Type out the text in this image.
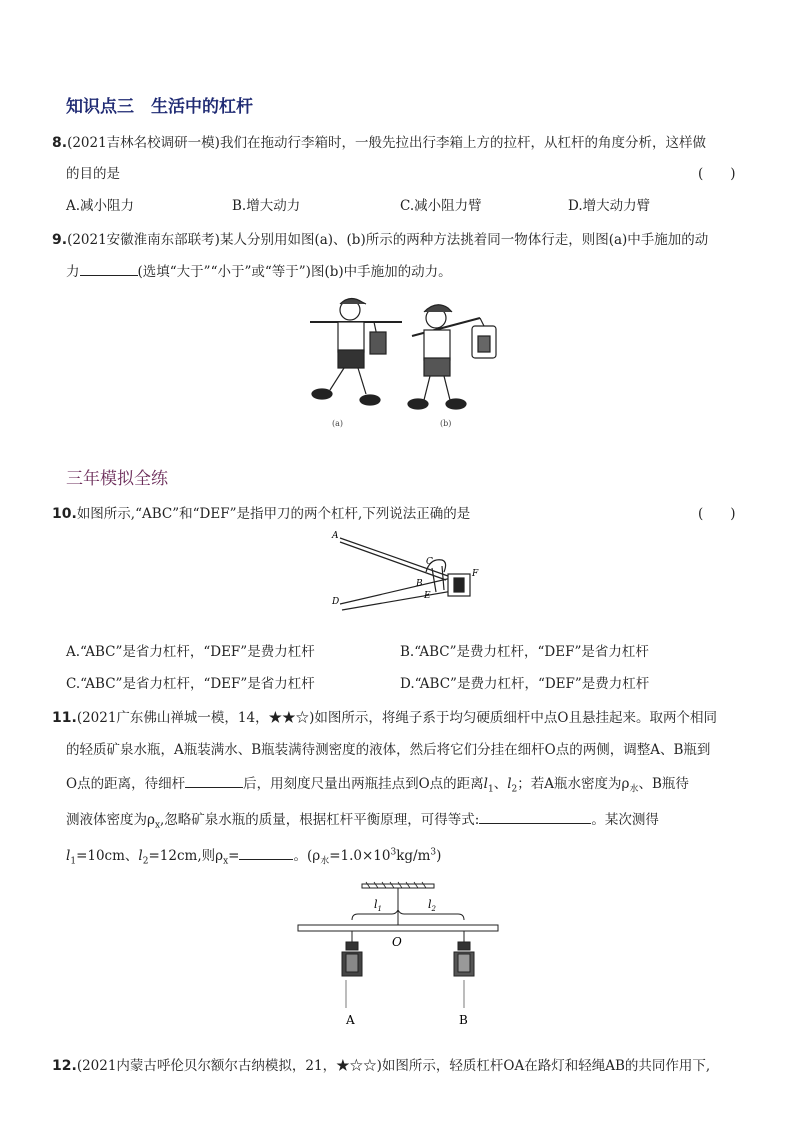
知识点三　生活中的杠杆
8.(2021吉林名校调研一模)我们在拖动行李箱时，一般先拉出行李箱上方的拉杆，从杠杆的角度分析，这样做
的目的是	(　　)
A.减小阻力	B.增大动力	C.减小阻力臂	D.增大动力臂
9.(2021安徽淮南东部联考)某人分别用如图(a)、(b)所示的两种方法挑着同一物体行走，则图(a)中手施加的动
力	(选填“大于”“小于”或“等于”)图(b)中手施加的动力。
(a)	(b)
三年模拟全练
10.如图所示,“ABC”和“DEF”是指甲刀的两个杠杆,下列说法正确的是	(　　)
A
B
C
D
E
F
A.“ABC”是省力杠杆，“DEF”是费力杠杆	B.“ABC”是费力杠杆，“DEF”是省力杠杆
C.“ABC”是省力杠杆，“DEF”是省力杠杆	D.“ABC”是费力杠杆，“DEF”是费力杠杆
11.(2021广东佛山禅城一模，14，★★☆)如图所示，将绳子系于均匀硬质细杆中点O且悬挂起来。取两个相同
的轻质矿泉水瓶，A瓶装满水、B瓶装满待测密度的液体，然后将它们分挂在细杆O点的两侧，调整A、B瓶到
O点的距离，待细杆	后，用刻度尺量出两瓶挂点到O点的距离$l_1$、$l_2$；若A瓶水密度为$\rho_水$、B瓶待
测液体密度为$\rho_x$,忽略矿泉水瓶的质量，根据杠杆平衡原理，可得等式:	。某次测得
$l_1=10cm$、$l_2=12cm$,则$\rho_x=$	。$(\rho_水=1.0\times 10^3kg/m^3)$
$l_1$	$l_2$
O
A	B
12.(2021内蒙古呼伦贝尔额尔古纳模拟，21，★☆☆)如图所示，轻质杠杆OA在路灯和轻绳AB的共同作用下,
